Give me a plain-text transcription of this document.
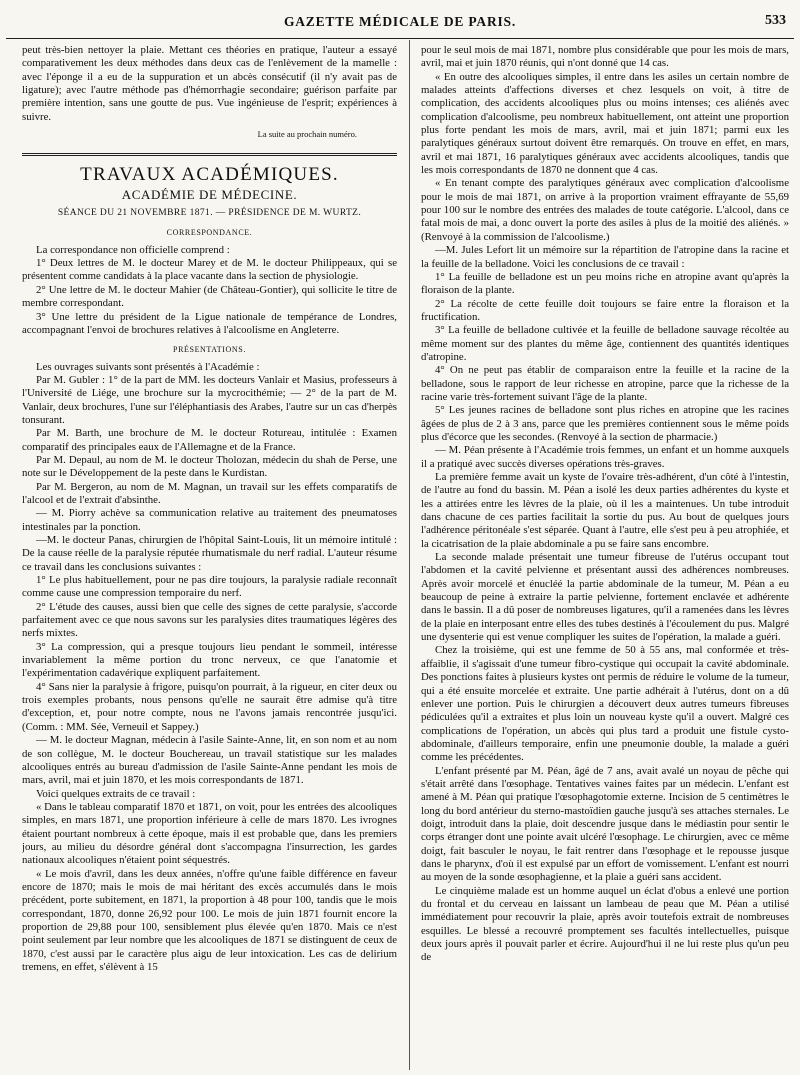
GAZETTE MÉDICALE DE PARIS.	533

peut très-bien nettoyer la plaie. Mettant ces théories en pratique, l'auteur a essayé comparativement les deux méthodes dans deux cas de l'enlèvement de la mamelle : avec l'éponge il a eu de la suppuration et un abcès consécutif (il n'y avait pas de ligature); avec l'autre méthode pas d'hémorrhagie secondaire; guérison parfaite par première intention, sans une goutte de pus. Vue ingénieuse de l'esprit; expériences à suivre.

La suite au prochain numéro.
TRAVAUX ACADÉMIQUES.
ACADÉMIE DE MÉDECINE.
SÉANCE DU 21 NOVEMBRE 1871. — PRÉSIDENCE DE M. WURTZ.
CORRESPONDANCE.

La correspondance non officielle comprend :

1° Deux lettres de M. le docteur Marey et de M. le docteur Philippeaux, qui se présentent comme candidats à la place vacante dans la section de physiologie.

2° Une lettre de M. le docteur Mahier (de Château-Gontier), qui sollicite le titre de membre correspondant.

3° Une lettre du président de la Ligue nationale de tempérance de Londres, accompagnant l'envoi de brochures relatives à l'alcoolisme en Angleterre.

PRÉSENTATIONS.

Les ouvrages suivants sont présentés à l'Académie :

Par M. Gubler : 1° de la part de MM. les docteurs Vanlair et Masius, professeurs à l'Université de Liége, une brochure sur la mycrocithémie; — 2° de la part de M. Vanlair, deux brochures, l'une sur l'éléphantiasis des Arabes, l'autre sur un cas d'herpès tonsurant.

Par M. Barth, une brochure de M. le docteur Rotureau, intitulée : Examen comparatif des principales eaux de l'Allemagne et de la France.

Par M. Depaul, au nom de M. le docteur Tholozan, médecin du shah de Perse, une note sur le Développement de la peste dans le Kurdistan.

Par M. Bergeron, au nom de M. Magnan, un travail sur les effets comparatifs de l'alcool et de l'extrait d'absinthe.

— M. Piorry achève sa communication relative au traitement des pneumatoses intestinales par la ponction.

—M. le docteur Panas, chirurgien de l'hôpital Saint-Louis, lit un mémoire intitulé : De la cause réelle de la paralysie réputée rhumatismale du nerf radial. L'auteur résume ce travail dans les conclusions suivantes :

1° Le plus habituellement, pour ne pas dire toujours, la paralysie radiale reconnaît comme cause une compression temporaire du nerf.

2° L'étude des causes, aussi bien que celle des signes de cette paralysie, s'accorde parfaitement avec ce que nous savons sur les paralysies dites traumatiques légères des nerfs mixtes.

3° La compression, qui a presque toujours lieu pendant le sommeil, intéresse invariablement la même portion du tronc nerveux, ce que l'anatomie et l'expérimentation cadavérique expliquent parfaitement.

4° Sans nier la paralysie à frigore, puisqu'on pourrait, à la rigueur, en citer deux ou trois exemples probants, nous pensons qu'elle ne saurait être admise qu'à titre d'exception, et, pour notre compte, nous ne l'avons jamais rencontrée jusqu'ici. (Comm. : MM. Sée, Verneuil et Sappey.)

— M. le docteur Magnan, médecin à l'asile Sainte-Anne, lit, en son nom et au nom de son collègue, M. le docteur Bouchereau, un travail statistique sur les malades alcooliques entrés au bureau d'admission de l'asile Sainte-Anne pendant les mois de mars, avril, mai et juin 1870, et les mois correspondants de 1871.

Voici quelques extraits de ce travail :

« Dans le tableau comparatif 1870 et 1871, on voit, pour les entrées des alcooliques simples, en mars 1871, une proportion inférieure à celle de mars 1870. Les ivrognes étaient pourtant nombreux à cette époque, mais il est probable que, dans les premiers jours, au milieu du désordre général dont s'accompagna l'insurrection, les gardes nationaux alcooliques n'étaient point séquestrés.

« Le mois d'avril, dans les deux années, n'offre qu'une faible différence en faveur encore de 1870; mais le mois de mai héritant des excès accumulés dans le mois précédent, porte subitement, en 1871, la proportion à 48 pour 100, tandis que le mois correspondant, 1870, donne 26,92 pour 100. Le mois de juin 1871 fournit encore la proportion de 29,88 pour 100, sensiblement plus élevée qu'en 1870. Mais ce n'est point seulement par leur nombre que les alcooliques de 1871 se distinguent de ceux de 1870, c'est aussi par le caractère plus aigu de leur intoxication. Les cas de delirium tremens, en effet, s'élèvent à 15

pour le seul mois de mai 1871, nombre plus considérable que pour les mois de mars, avril, mai et juin 1870 réunis, qui n'ont donné que 14 cas.

« En outre des alcooliques simples, il entre dans les asiles un certain nombre de malades atteints d'affections diverses et chez lesquels on voit, à titre de complication, des accidents alcooliques plus ou moins intenses; ces aliénés avec complication d'alcoolisme, peu nombreux habituellement, ont atteint une proportion plus forte pendant les mois de mars, avril, mai et juin 1871; parmi eux les paralytiques généraux surtout doivent être remarqués. On trouve en effet, en mars, avril et mai 1871, 16 paralytiques généraux avec accidents alcooliques, tandis que les mois correspondants de 1870 ne donnent que 4 cas.

« En tenant compte des paralytiques généraux avec complication d'alcoolisme pour le mois de mai 1871, on arrive à la proportion vraiment effrayante de 55,69 pour 100 sur le nombre des entrées des malades de toute catégorie. L'alcool, dans ce fatal mois de mai, a donc ouvert la porte des asiles à plus de la moitié des aliénés. » (Renvoyé à la commission de l'alcoolisme.)

—M. Jules Lefort lit un mémoire sur la répartition de l'atropine dans la racine et la feuille de la belladone. Voici les conclusions de ce travail :

1° La feuille de belladone est un peu moins riche en atropine avant qu'après la floraison de la plante.

2° La récolte de cette feuille doit toujours se faire entre la floraison et la fructification.

3° La feuille de belladone cultivée et la feuille de belladone sauvage récoltée au même moment sur des plantes du même âge, contiennent des quantités identiques d'atropine.

4° On ne peut pas établir de comparaison entre la feuille et la racine de la belladone, sous le rapport de leur richesse en atropine, parce que la richesse de la racine varie très-fortement suivant l'âge de la plante.

5° Les jeunes racines de belladone sont plus riches en atropine que les racines âgées de plus de 2 à 3 ans, parce que les premières contiennent sous le même poids plus d'écorce que les secondes. (Renvoyé à la section de pharmacie.)

— M. Péan présente à l'Académie trois femmes, un enfant et un homme auxquels il a pratiqué avec succès diverses opérations très-graves.

La première femme avait un kyste de l'ovaire très-adhérent, d'un côté à l'intestin, de l'autre au fond du bassin. M. Péan a isolé les deux parties adhérentes du kyste et les a attirées entre les lèvres de la plaie, où il les a maintenues. Un tube introduit dans chacune de ces parties facilitait la sortie du pus. Au bout de quelques jours l'adhérence péritonéale s'est séparée. Quant à l'autre, elle s'est peu à peu atrophiée, et la cicatrisation de la plaie abdominale a pu se faire sans encombre.

La seconde malade présentait une tumeur fibreuse de l'utérus occupant tout l'abdomen et la cavité pelvienne et présentant aussi des adhérences nombreuses. Après avoir morcelé et énucléé la partie abdominale de la tumeur, M. Péan a eu beaucoup de peine à extraire la partie pelvienne, fortement enclavée et adhérente dans le bassin. Il a dû poser de nombreuses ligatures, qu'il a ramenées dans les lèvres de la plaie en interposant entre elles des tubes destinés à l'écoulement du pus. Malgré une dysenterie qui est venue compliquer les suites de l'opération, la malade a guéri.

Chez la troisième, qui est une femme de 50 à 55 ans, mal conformée et très-affaiblie, il s'agissait d'une tumeur fibro-cystique qui occupait la cavité abdominale. Des ponctions faites à plusieurs kystes ont permis de réduire le volume de la tumeur, qui a été ensuite morcelée et extraite. Une partie adhérait à l'utérus, dont on a dû enlever une portion. Puis le chirurgien a découvert deux autres tumeurs fibreuses pédiculées qu'il a extraites et plus loin un nouveau kyste qu'il a ouvert. Malgré ces complications de l'opération, un abcès qui plus tard a produit une fistule cysto-abdominale, d'ailleurs temporaire, enfin une pneumonie double, la malade a guéri comme les précédentes.

L'enfant présenté par M. Péan, âgé de 7 ans, avait avalé un noyau de pêche qui s'était arrêté dans l'œsophage. Tentatives vaines faites par un médecin. L'enfant est amené à M. Péan qui pratique l'œsophagotomie externe. Incision de 5 centimètres le long du bord antérieur du sterno-mastoïdien gauche jusqu'à ses attaches sternales. Le doigt, introduit dans la plaie, doit descendre jusque dans le médiastin pour sentir le corps étranger dont une pointe avait ulcéré l'œsophage. Le chirurgien, avec ce même doigt, fait basculer le noyau, le fait rentrer dans l'œsophage et le repousse jusque dans le pharynx, d'où il est expulsé par un effort de vomissement. L'enfant est nourri au moyen de la sonde œsophagienne, et la plaie a guéri sans accident.

Le cinquième malade est un homme auquel un éclat d'obus a enlevé une portion du frontal et du cerveau en laissant un lambeau de peau que M. Péan a utilisé immédiatement pour recouvrir la plaie, après avoir toutefois extrait de nombreuses esquilles. Le blessé a recouvré promptement ses facultés intellectuelles, puisque deux jours après il pouvait parler et écrire. Aujourd'hui il ne lui reste plus qu'un peu de
